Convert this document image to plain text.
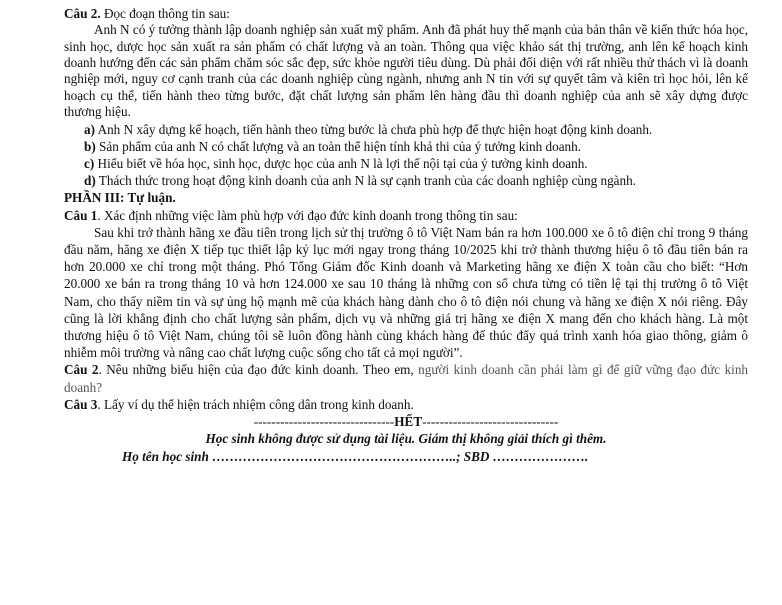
Câu 2. Đọc đoạn thông tin sau:

Anh N có ý tưởng thành lập doanh nghiệp sản xuất mỹ phẩm. Anh đã phát huy thế mạnh của bản thân về kiến thức hóa học, sinh học, dược học sản xuất ra sản phẩm có chất lượng và an toàn. Thông qua việc khảo sát thị trường, anh lên kế hoạch kinh doanh hướng đến các sản phẩm chăm sóc sắc đẹp, sức khỏe người tiêu dùng. Dù phải đối diện với rất nhiều thử thách vì là doanh nghiệp mới, nguy cơ cạnh tranh của các doanh nghiệp cùng ngành, nhưng anh N tin với sự quyết tâm và kiên trì học hỏi, lên kế hoạch cụ thể, tiến hành theo từng bước, đặt chất lượng sản phẩm lên hàng đầu thì doanh nghiệp của anh sẽ xây dựng được thương hiệu.

a) Anh N xây dựng kế hoạch, tiến hành theo từng bước là chưa phù hợp để thực hiện hoạt động kinh doanh.

b) Sản phẩm của anh N có chất lượng và an toàn thể hiện tính khả thi của ý tưởng kinh doanh.

c) Hiểu biết về hóa học, sinh học, dược học của anh N là lợi thế nội tại của ý tưởng kinh doanh.

d) Thách thức trong hoạt động kinh doanh của anh N là sự cạnh tranh của các doanh nghiệp cùng ngành.

PHẦN III: Tự luận.

Câu 1. Xác định những việc làm phù hợp với đạo đức kinh doanh trong thông tin sau:

Sau khi trở thành hãng xe đầu tiên trong lịch sử thị trường ô tô Việt Nam bán ra hơn 100.000 xe ô tô điện chỉ trong 9 tháng đầu năm, hãng xe điện X tiếp tục thiết lập kỷ lục mới ngay trong tháng 10/2025 khi trở thành thương hiệu ô tô đầu tiên bán ra hơn 20.000 xe chỉ trong một tháng. Phó Tổng Giám đốc Kinh doanh và Marketing hãng xe điện X toàn cầu cho biết: “Hơn 20.000 xe bán ra trong tháng 10 và hơn 124.000 xe sau 10 tháng là những con số chưa từng có tiền lệ tại thị trường ô tô Việt Nam, cho thấy niềm tin và sự ủng hộ mạnh mẽ của khách hàng dành cho ô tô điện nói chung và hãng xe điện X nói riêng. Đây cũng là lời khẳng định cho chất lượng sản phẩm, dịch vụ và những giá trị hãng xe điện X mang đến cho khách hàng. Là một thương hiệu ô tô Việt Nam, chúng tôi sẽ luôn đồng hành cùng khách hàng để thúc đẩy quá trình xanh hóa giao thông, giảm ô nhiễm môi trường và nâng cao chất lượng cuộc sống cho tất cả mọi người”.

Câu 2. Nêu những biểu hiện của đạo đức kinh doanh. Theo em, người kinh doanh cần phải làm gì để giữ vững đạo đức kinh doanh?

Câu 3. Lấy ví dụ thể hiện trách nhiệm công dân trong kinh doanh.

--------------------------------HẾT-------------------------------

Học sinh không được sử dụng tài liệu. Giám thị không giải thích gì thêm.

Họ tên học sinh ………………………………………………..; SBD ………………….
